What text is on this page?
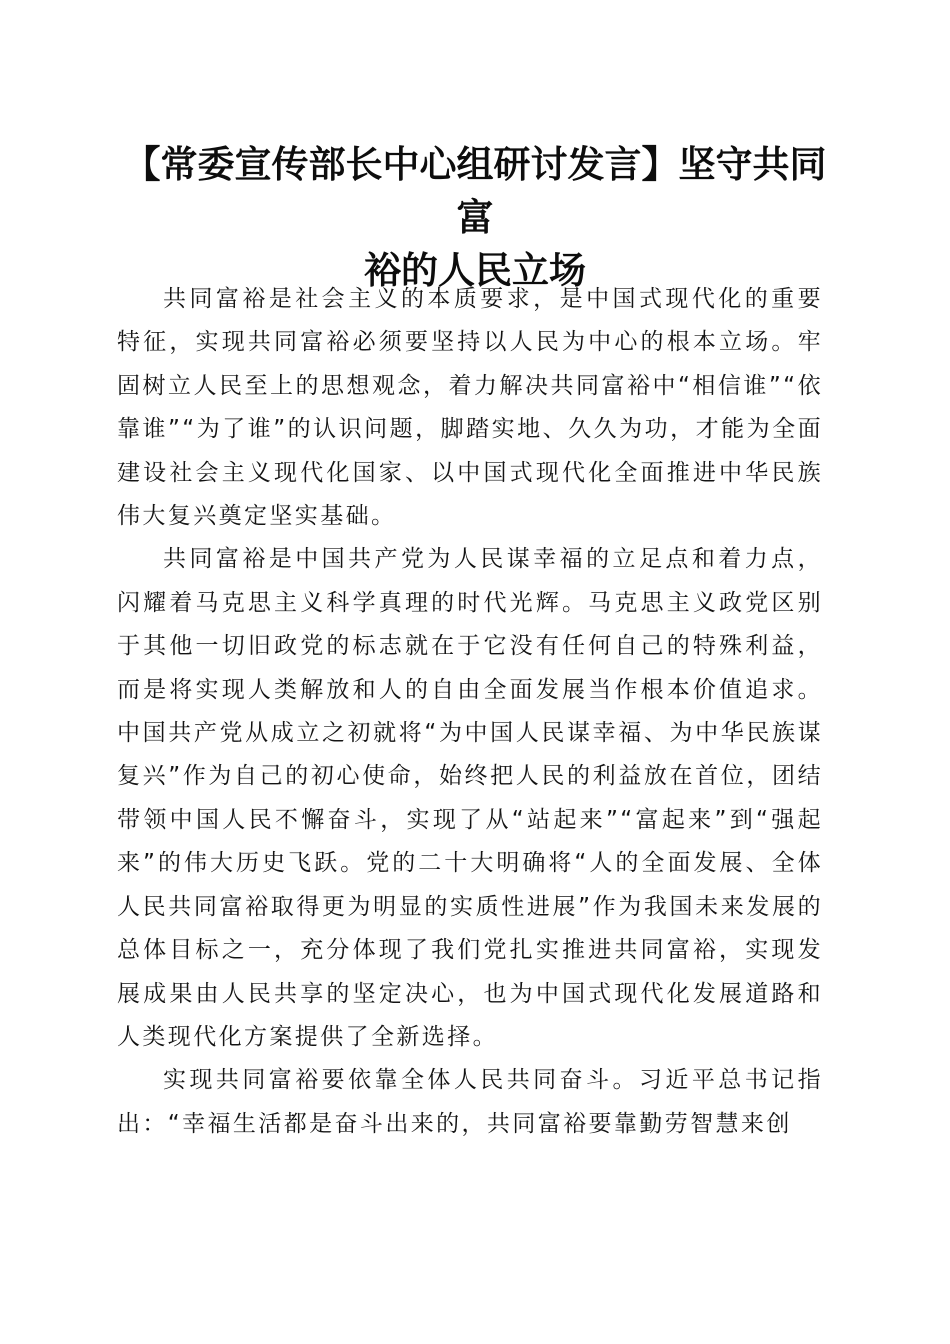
【常委宣传部长中心组研讨发言】坚守共同富
裕的人民立场

共同富裕是社会主义的本质要求，是中国式现代化的重要特征，实现共同富裕必须要坚持以人民为中心的根本立场。牢固树立人民至上的思想观念，着力解决共同富裕中“相信谁”“依靠谁”“为了谁”的认识问题，脚踏实地、久久为功，才能为全面建设社会主义现代化国家、以中国式现代化全面推进中华民族伟大复兴奠定坚实基础。

共同富裕是中国共产党为人民谋幸福的立足点和着力点，闪耀着马克思主义科学真理的时代光辉。马克思主义政党区别于其他一切旧政党的标志就在于它没有任何自己的特殊利益，而是将实现人类解放和人的自由全面发展当作根本价值追求。中国共产党从成立之初就将“为中国人民谋幸福、为中华民族谋复兴”作为自己的初心使命，始终把人民的利益放在首位，团结带领中国人民不懈奋斗，实现了从“站起来”“富起来”到“强起来”的伟大历史飞跃。党的二十大明确将“人的全面发展、全体人民共同富裕取得更为明显的实质性进展”作为我国未来发展的总体目标之一，充分体现了我们党扎实推进共同富裕，实现发展成果由人民共享的坚定决心，也为中国式现代化发展道路和人类现代化方案提供了全新选择。

实现共同富裕要依靠全体人民共同奋斗。习近平总书记指出：“幸福生活都是奋斗出来的，共同富裕要靠勤劳智慧来创
